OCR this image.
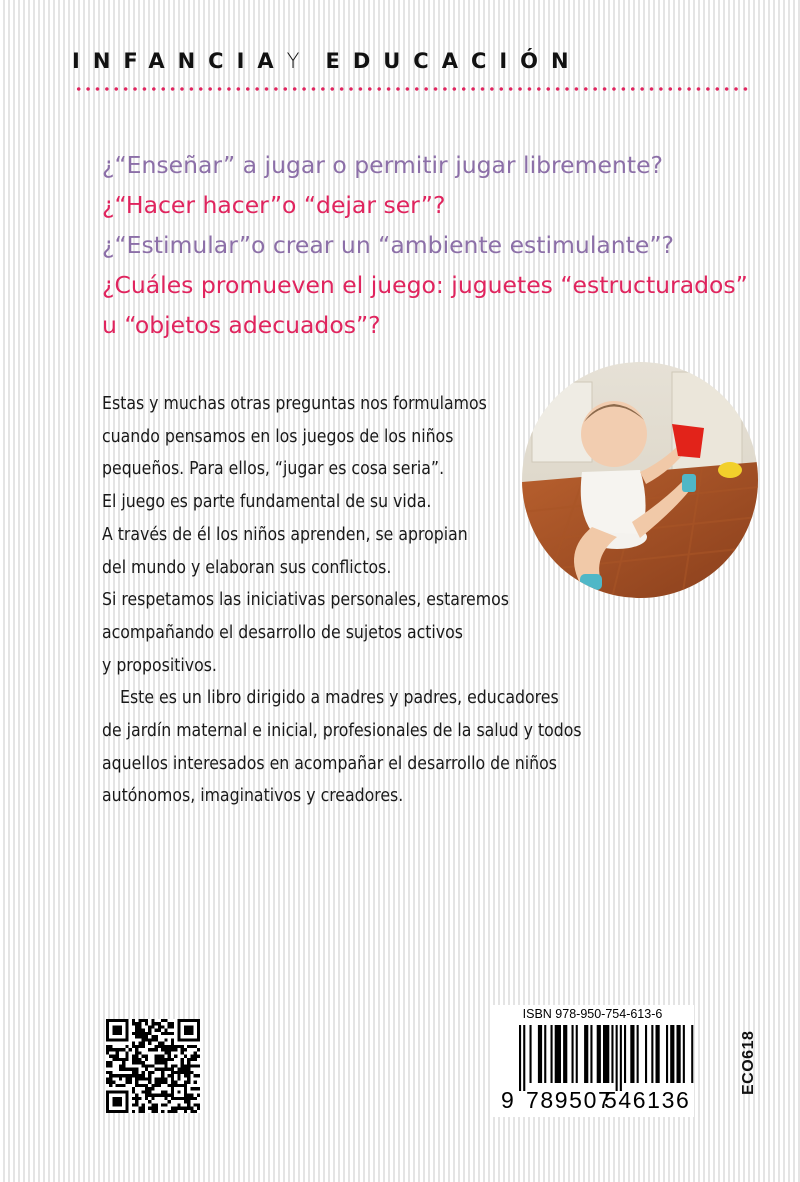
INFANCIA Y EDUCACIÓN

¿“Enseñar” a jugar o permitir jugar libremente?

¿“Hacer hacer”o “dejar ser”?

¿“Estimular”o crear un “ambiente estimulante”?

¿Cuáles promueven el juego: juguetes “estructurados”

u “objetos adecuados”?

Estas y muchas otras preguntas nos formulamos
cuando pensamos en los juegos de los niños
pequeños. Para ellos, “jugar es cosa seria”.
El juego es parte fundamental de su vida.
A través de él los niños aprenden, se apropian
del mundo y elaboran sus conflictos.
Si respetamos las iniciativas personales, estaremos
acompañando el desarrollo de sujetos activos
y propositivos.
Este es un libro dirigido a madres y padres, educadores
de jardín maternal e inicial, profesionales de la salud y todos
aquellos interesados en acompañar el desarrollo de niños
autónomos, imaginativos y creadores.
ISBN 978-950-754-613-6
9 789507
546136
ECO618
